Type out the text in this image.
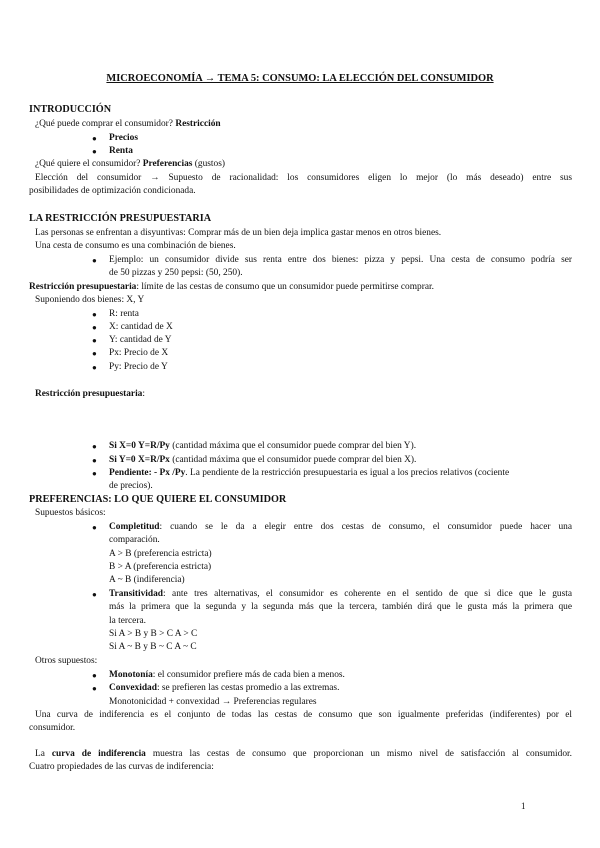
MICROECONOMÍA → TEMA 5: CONSUMO: LA ELECCIÓN DEL CONSUMIDOR
INTRODUCCIÓN
¿Qué puede comprar el consumidor? Restricción
● Precios
● Renta
¿Qué quiere el consumidor? Preferencias (gustos)
Elección del consumidor → Supuesto de racionalidad: los consumidores eligen lo mejor (lo más deseado) entre sus
posibilidades de optimización condicionada.
LA RESTRICCIÓN PRESUPUESTARIA
Las personas se enfrentan a disyuntivas: Comprar más de un bien deja implica gastar menos en otros bienes.
Una cesta de consumo es una combinación de bienes.
● Ejemplo: un consumidor divide sus renta entre dos bienes: pizza y pepsi. Una cesta de consumo podría ser
de 50 pizzas y 250 pepsi: (50, 250).
Restricción presupuestaria: límite de las cestas de consumo que un consumidor puede permitirse comprar.
Suponiendo dos bienes: X, Y
● R: renta
● X: cantidad de X
● Y: cantidad de Y
● Px: Precio de X
● Py: Precio de Y
Restricción presupuestaria:
● Si X=0 Y=R/Py (cantidad máxima que el consumidor puede comprar del bien Y).
● Si Y=0 X=R/Px (cantidad máxima que el consumidor puede comprar del bien X).
● Pendiente: - Px /Py. La pendiente de la restricción presupuestaria es igual a los precios relativos (cociente
de precios).
PREFERENCIAS: LO QUE QUIERE EL CONSUMIDOR
Supuestos básicos:
● Completitud: cuando se le da a elegir entre dos cestas de consumo, el consumidor puede hacer una
comparación.
A > B (preferencia estricta)
B > A (preferencia estricta)
A ~ B (indiferencia)
● Transitividad: ante tres alternativas, el consumidor es coherente en el sentido de que si dice que le gusta
más la primera que la segunda y la segunda más que la tercera, también dirá que le gusta más la primera que
la tercera.
Si A > B y B > C A > C
Si A ~ B y B ~ C A ~ C
Otros supuestos:
● Monotonía: el consumidor prefiere más de cada bien a menos.
● Convexidad: se prefieren las cestas promedio a las extremas.
Monotonicidad + convexidad → Preferencias regulares
Una curva de indiferencia es el conjunto de todas las cestas de consumo que son igualmente preferidas (indiferentes) por el
consumidor.
La curva de indiferencia muestra las cestas de consumo que proporcionan un mismo nivel de satisfacción al consumidor.
Cuatro propiedades de las curvas de indiferencia:
1
